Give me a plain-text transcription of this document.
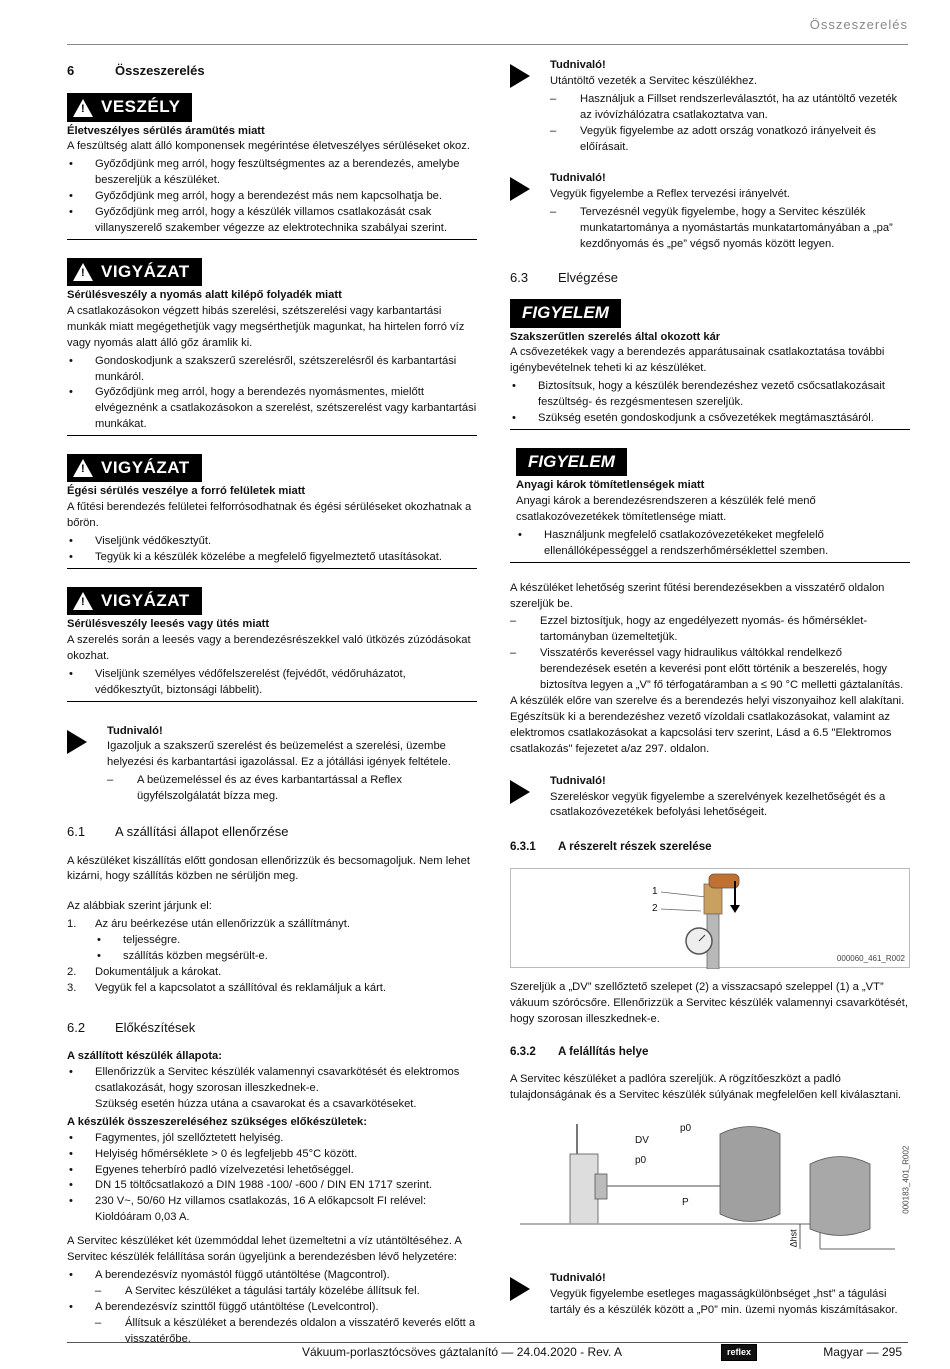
Összeszerelés
6	Összeszerelés
! VESZÉLY
Életveszélyes sérülés áramütés miatt

A feszültség alatt álló komponensek megérintése életveszélyes sérüléseket okoz.

•	Győződjünk meg arról, hogy feszültségmentes az a berendezés, amelybe beszereljük a készüléket.
•	Győződjünk meg arról, hogy a berendezést más nem kapcsolhatja be.
•	Győződjünk meg arról, hogy a készülék villamos csatlakozását csak villanyszerelő szakember végezze az elektrotechnika szabályai szerint.
! VIGYÁZAT
Sérülésveszély a nyomás alatt kilépő folyadék miatt

A csatlakozásokon végzett hibás szerelési, szétszerelési vagy karbantartási munkák miatt megégethetjük vagy megsérthetjük magunkat, ha hirtelen forró víz vagy nyomás alatt álló gőz áramlik ki.

•	Gondoskodjunk a szakszerű szerelésről, szétszerelésről és karbantartási munkáról.
•	Győződjünk meg arról, hogy a berendezés nyomásmentes, mielőtt elvégeznénk a csatlakozásokon a szerelést, szétszerelést vagy karbantartási munkákat.
! VIGYÁZAT
Égési sérülés veszélye a forró felületek miatt

A fűtési berendezés felületei felforrósodhatnak és égési sérüléseket okozhatnak a bőrön.

•	Viseljünk védőkesztyűt.
•	Tegyük ki a készülék közelébe a megfelelő figyelmeztető utasításokat.
! VIGYÁZAT
Sérülésveszély leesés vagy ütés miatt

A szerelés során a leesés vagy a berendezésrészekkel való ütközés zúzódásokat okozhat.

•	Viseljünk személyes védőfelszerelést (fejvédőt, védőruházatot, védőkesztyűt, biztonsági lábbelit).
Tudnivaló!

Igazoljuk a szakszerű szerelést és beüzemelést a szerelési, üzembe helyezési és karbantartási igazolással. Ez a jótállási igények feltétele.

–	A beüzemeléssel és az éves karbantartással a Reflex ügyfélszolgálatát bízza meg.
6.1	A szállítási állapot ellenőrzése

A készüléket kiszállítás előtt gondosan ellenőrizzük és becsomagoljuk. Nem lehet kizárni, hogy szállítás közben ne sérüljön meg.

Az alábbiak szerint járjunk el:

1.	Az áru beérkezése után ellenőrizzük a szállítmányt.
•	teljességre.
•	szállítás közben megsérült-e.
2.	Dokumentáljuk a károkat.
3.	Vegyük fel a kapcsolatot a szállítóval és reklamáljuk a kárt.
6.2	Előkészítések
A szállított készülék állapota:
•	Ellenőrizzük a Servitec készülék valamennyi csavarkötését és elektromos csatlakozását, hogy szorosan illeszkednek-e.

Szükség esetén húzza utána a csavarokat és a csavarkötéseket.

A készülék összeszereléséhez szükséges előkészületek:
•	Fagymentes, jól szellőztetett helyiség.
•	Helyiség hőmérséklete > 0 és legfeljebb 45°C között.
•	Egyenes teherbíró padló vízelvezetési lehetőséggel.
•	DN 15 töltőcsatlakozó a DIN 1988 -100/ -600 / DIN EN 1717 szerint.
•	230 V~, 50/60 Hz villamos csatlakozás, 16 A előkapcsolt FI relével: Kioldóáram 0,03 A.

A Servitec készüléket két üzemmóddal lehet üzemeltetni a víz utántöltéséhez. A Servitec készülék felállítása során ügyeljünk a berendezésben lévő helyzetére:

•	A berendezésvíz nyomástól függő utántöltése (Magcontrol).
–	A Servitec készüléket a tágulási tartály közelébe állítsuk fel.
•	A berendezésvíz szinttől függő utántöltése (Levelcontrol).
–	Állítsuk a készüléket a berendezés oldalon a visszatérő keverés előtt a visszatérőbe.
Tudnivaló!

Utántöltő vezeték a Servitec készülékhez.

–	Használjuk a Fillset rendszerleválasztót, ha az utántöltő vezeték az ivóvízhálózatra csatlakoztatva van.
–	Vegyük figyelembe az adott ország vonatkozó irányelveit és előírásait.
Tudnivaló!

Vegyük figyelembe a Reflex tervezési irányelvét.

–	Tervezésnél vegyük figyelembe, hogy a Servitec készülék munkatartománya a nyomástartás munkatartományában a „pa” kezdőnyomás és „pe” végső nyomás között legyen.
6.3	Elvégzése
FIGYELEM
Szakszerűtlen szerelés által okozott kár

A csővezetékek vagy a berendezés apparátusainak csatlakoztatása további igénybevételnek teheti ki az készüléket.

•	Biztosítsuk, hogy a készülék berendezéshez vezető csőcsatlakozásait feszültség- és rezgésmentesen szereljük.
•	Szükség esetén gondoskodjunk a csővezetékek megtámasztásáról.
FIGYELEM
Anyagi károk tömítetlenségek miatt

Anyagi károk a berendezésrendszeren a készülék felé menő csatlakozóvezetékek tömítetlensége miatt.

•	Használjunk megfelelő csatlakozóvezetékeket megfelelő ellenállóképességgel a rendszerhőmérséklettel szemben.

A készüléket lehetőség szerint fűtési berendezésekben a visszatérő oldalon szereljük be.

–	Ezzel biztosítjuk, hogy az engedélyezett nyomás- és hőmérséklet-tartományban üzemeltetjük.
–	Visszatérős keveréssel vagy hidraulikus váltókkal rendelkező berendezések esetén a keverési pont előtt történik a beszerelés, hogy biztosítva legyen a „V” fő térfogatáramban a ≤ 90 °C melletti gáztalanítás.

A készülék előre van szerelve és a berendezés helyi viszonyaihoz kell alakítani. Egészítsük ki a berendezéshez vezető vízoldali csatlakozásokat, valamint az elektromos csatlakozásokat a kapcsolási terv szerint, Lásd a 6.5 "Elektromos csatlakozás" fejezetet a/az 297. oldalon.

Tudnivaló!

Szereléskor vegyük figyelembe a szerelvények kezelhetőségét és a csatlakozóvezetékek befolyási lehetőségeit.

6.3.1	A részerelt részek szerelése
1
2
000060_461_R002

Szereljük a „DV” szellőztető szelepet (2) a visszacsapó szeleppel (1) a „VT” vákuum szórócsőre. Ellenőrizzük a Servitec készülék valamennyi csavarkötését, hogy szorosan illeszkednek-e.

6.3.2	A felállítás helye

A Servitec készüléket a padlóra szereljük. A rögzítőeszközt a padló tulajdonságának és a Servitec készülék súlyának megfelelően kell kiválasztani.

p0
DV
p0
P
Δhst
000183_401_R002
Tudnivaló!

Vegyük figyelembe esetleges magasságkülönbséget „hst” a tágulási tartály és a készülék között a „P0” min. üzemi nyomás kiszámításakor.

Vákuum-porlasztócsöves gáztalanító — 24.04.2020 - Rev. A	reflex	Magyar — 295
